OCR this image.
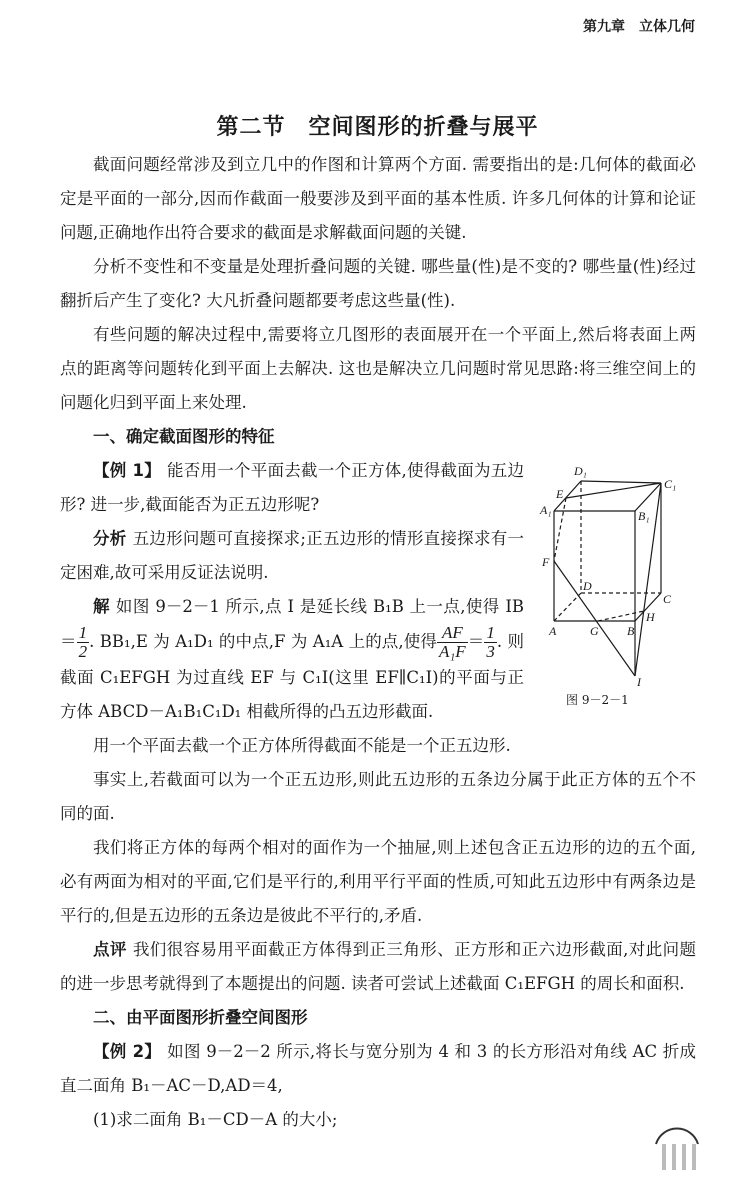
第九章　立体几何
第二节　空间图形的折叠与展平

截面问题经常涉及到立几中的作图和计算两个方面. 需要指出的是:几何体的截面必定是平面的一部分,因而作截面一般要涉及到平面的基本性质. 许多几何体的计算和论证问题,正确地作出符合要求的截面是求解截面问题的关键.

分析不变性和不变量是处理折叠问题的关键. 哪些量(性)是不变的? 哪些量(性)经过翻折后产生了变化? 大凡折叠问题都要考虑这些量(性).

有些问题的解决过程中,需要将立几图形的表面展开在一个平面上,然后将表面上两点的距离等问题转化到平面上去解决. 这也是解决立几问题时常见思路:将三维空间上的问题化归到平面上来处理.

一、确定截面图形的特征

D₁
C₁
E
A₁	B₁
F
D
C
H
A	G B
I
图 9－2－1

【例 1】 能否用一个平面去截一个正方体,使得截面为五边形? 进一步,截面能否为正五边形呢?

分析 五边形问题可直接探求;正五边形的情形直接探求有一定困难,故可采用反证法说明.

解 如图 9－2－1 所示,点 I 是延长线 B₁B 上一点,使得 $IB= \frac{1}{2}$ . BB₁,E 为 A₁D₁ 的中点,F 为 A₁A 上的点,使得 $\frac{AF}{\text{A₁F}} = \frac{1}{3}$ . 则截面 C₁EFGH 为过直线 EF 与 C₁I(这里 EF∥C₁I)的平面与正方体 ABCD－A₁B₁C₁D₁ 相截所得的凸五边形截面.

用一个平面去截一个正方体所得截面不能是一个正五边形.

事实上,若截面可以为一个正五边形,则此五边形的五条边分属于此正方体的五个不同的面.

我们将正方体的每两个相对的面作为一个抽屉,则上述包含正五边形的边的五个面,必有两面为相对的平面,它们是平行的,利用平行平面的性质,可知此五边形中有两条边是平行的,但是五边形的五条边是彼此不平行的,矛盾.

点评 我们很容易用平面截正方体得到正三角形、正方形和正六边形截面,对此问题的进一步思考就得到了本题提出的问题. 读者可尝试上述截面 C₁EFGH 的周长和面积.

二、由平面图形折叠空间图形

【例 2】 如图 9－2－2 所示,将长与宽分别为 4 和 3 的长方形沿对角线 AC 折成直二面角 B₁－AC－D,AD＝4,

(1)求二面角 B₁－CD－A 的大小;
